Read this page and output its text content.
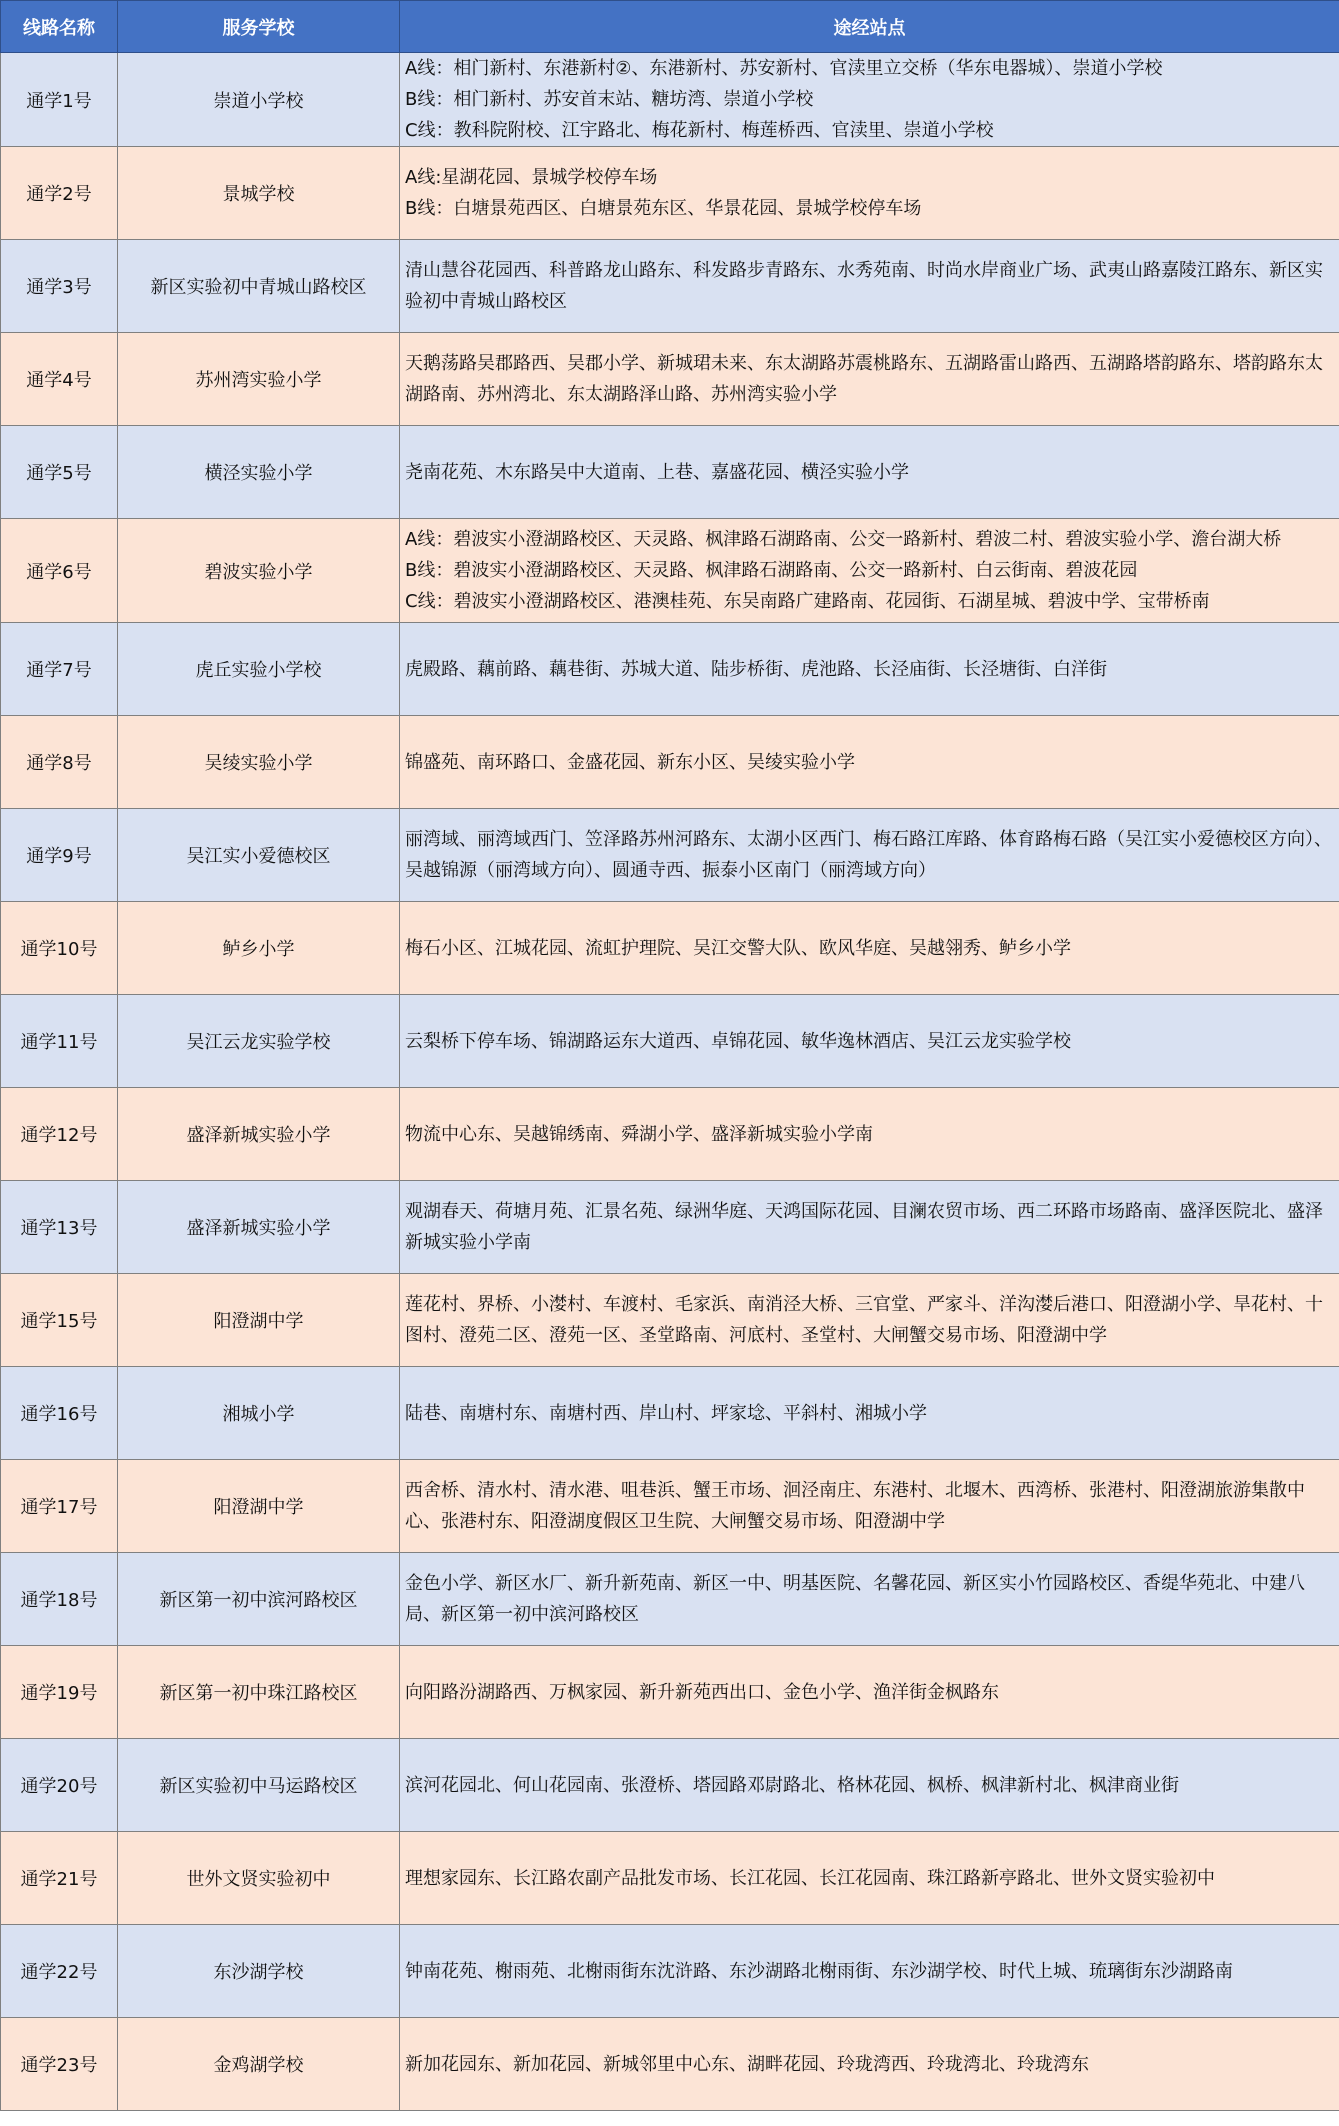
线路名称	服务学校	途经站点
通学1号	崇道小学校	A线：相门新村、东港新村②、东港新村、苏安新村、官渎里立交桥（华东电器城）、崇道小学校
B线：相门新村、苏安首末站、糖坊湾、崇道小学校
C线：教科院附校、江宇路北、梅花新村、梅莲桥西、官渎里、崇道小学校

通学2号	景城学校	A线:星湖花园、景城学校停车场
B线：白塘景苑西区、白塘景苑东区、华景花园、景城学校停车场

通学3号	新区实验初中青城山路校区	清山慧谷花园西、科普路龙山路东、科发路步青路东、水秀苑南、时尚水岸商业广场、武夷山路嘉陵江路东、新区实验初中青城山路校区
通学4号	苏州湾实验小学	天鹅荡路吴郡路西、吴郡小学、新城珺未来、东太湖路苏震桃路东、五湖路雷山路西、五湖路塔韵路东、塔韵路东太湖路南、苏州湾北、东太湖路泽山路、苏州湾实验小学
通学5号	横泾实验小学	尧南花苑、木东路吴中大道南、上巷、嘉盛花园、横泾实验小学
通学6号	碧波实验小学	A线：碧波实小澄湖路校区、天灵路、枫津路石湖路南、公交一路新村、碧波二村、碧波实验小学、澹台湖大桥
B线：碧波实小澄湖路校区、天灵路、枫津路石湖路南、公交一路新村、白云街南、碧波花园
C线：碧波实小澄湖路校区、港澳桂苑、东吴南路广建路南、花园街、石湖星城、碧波中学、宝带桥南

通学7号	虎丘实验小学校	虎殿路、藕前路、藕巷街、苏城大道、陆步桥街、虎池路、长泾庙街、长泾塘街、白洋街
通学8号	吴绫实验小学	锦盛苑、南环路口、金盛花园、新东小区、吴绫实验小学
通学9号	吴江实小爱德校区	丽湾域、丽湾域西门、笠泽路苏州河路东、太湖小区西门、梅石路江库路、体育路梅石路（吴江实小爱德校区方向）、吴越锦源（丽湾域方向）、圆通寺西、振泰小区南门（丽湾域方向）
通学10号	鲈乡小学	梅石小区、江城花园、流虹护理院、吴江交警大队、欧风华庭、吴越翎秀、鲈乡小学
通学11号	吴江云龙实验学校	云梨桥下停车场、锦湖路运东大道西、卓锦花园、敏华逸林酒店、吴江云龙实验学校
通学12号	盛泽新城实验小学	物流中心东、吴越锦绣南、舜湖小学、盛泽新城实验小学南
通学13号	盛泽新城实验小学	观湖春天、荷塘月苑、汇景名苑、绿洲华庭、天鸿国际花园、目澜农贸市场、西二环路市场路南、盛泽医院北、盛泽新城实验小学南
通学15号	阳澄湖中学	莲花村、界桥、小漤村、车渡村、毛家浜、南消泾大桥、三官堂、严家斗、洋沟漤后港口、阳澄湖小学、旱花村、十图村、澄苑二区、澄苑一区、圣堂路南、河底村、圣堂村、大闸蟹交易市场、阳澄湖中学
通学16号	湘城小学	陆巷、南塘村东、南塘村西、岸山村、坪家埝、平斜村、湘城小学
通学17号	阳澄湖中学	西舍桥、清水村、清水港、咀巷浜、蟹王市场、洄泾南庄、东港村、北堰木、西湾桥、张港村、阳澄湖旅游集散中心、张港村东、阳澄湖度假区卫生院、大闸蟹交易市场、阳澄湖中学
通学18号	新区第一初中滨河路校区	金色小学、新区水厂、新升新苑南、新区一中、明基医院、名馨花园、新区实小竹园路校区、香缇华苑北、中建八局、新区第一初中滨河路校区
通学19号	新区第一初中珠江路校区	向阳路汾湖路西、万枫家园、新升新苑西出口、金色小学、渔洋街金枫路东
通学20号	新区实验初中马运路校区	滨河花园北、何山花园南、张澄桥、塔园路邓尉路北、格林花园、枫桥、枫津新村北、枫津商业街
通学21号	世外文贤实验初中	理想家园东、长江路农副产品批发市场、长江花园、长江花园南、珠江路新亭路北、世外文贤实验初中
通学22号	东沙湖学校	钟南花苑、榭雨苑、北榭雨街东沈浒路、东沙湖路北榭雨街、东沙湖学校、时代上城、琉璃街东沙湖路南
通学23号	金鸡湖学校	新加花园东、新加花园、新城邻里中心东、湖畔花园、玲珑湾西、玲珑湾北、玲珑湾东
